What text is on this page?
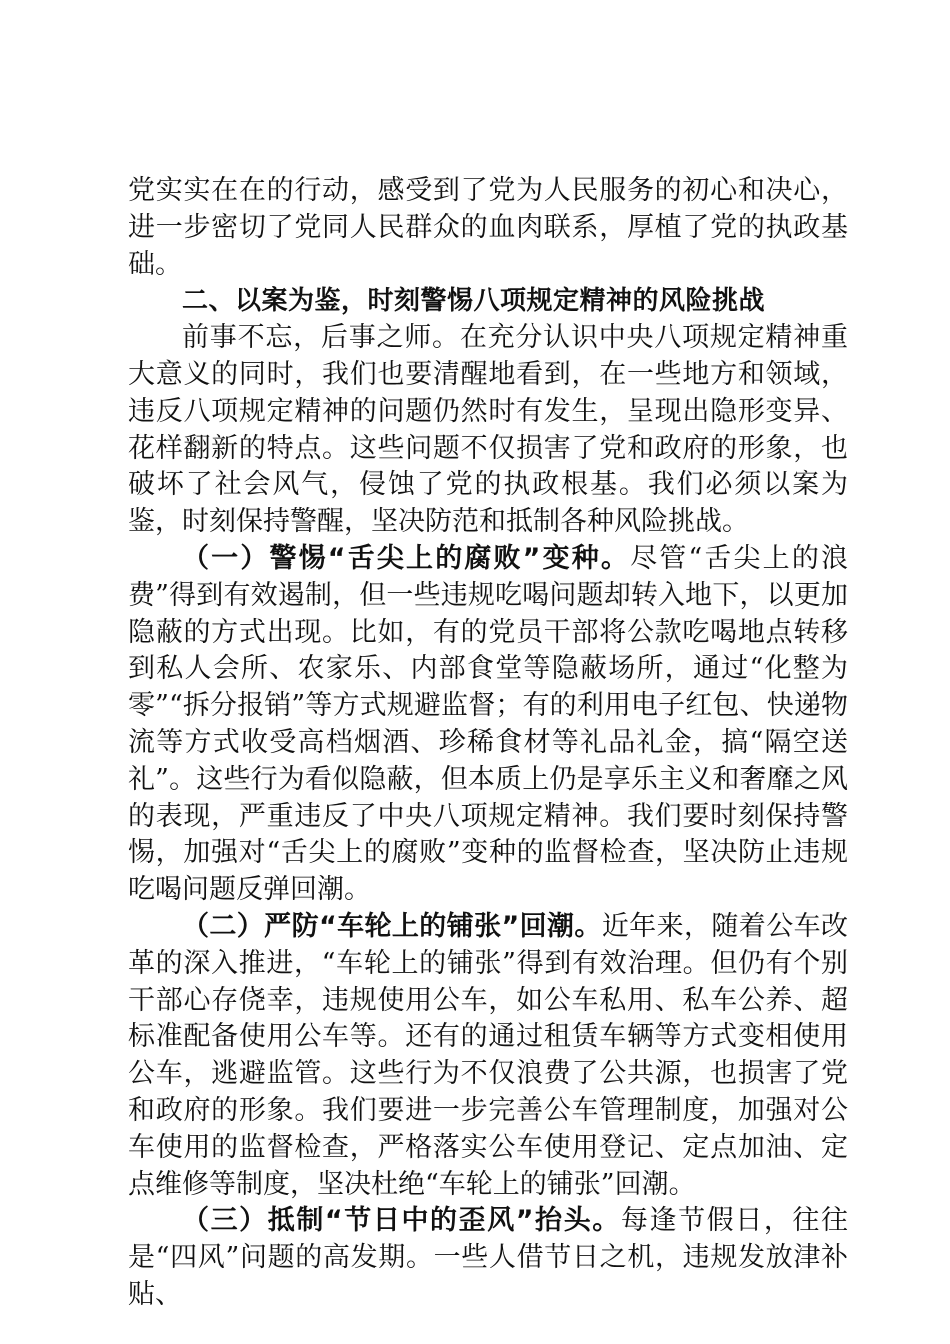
党实实在在的行动，感受到了党为人民服务的初心和决心，进一步密切了党同人民群众的血肉联系，厚植了党的执政基础。

二、以案为鉴，时刻警惕八项规定精神的风险挑战

前事不忘，后事之师。在充分认识中央八项规定精神重大意义的同时，我们也要清醒地看到，在一些地方和领域，违反八项规定精神的问题仍然时有发生，呈现出隐形变异、花样翻新的特点。这些问题不仅损害了党和政府的形象，也破坏了社会风气，侵蚀了党的执政根基。我们必须以案为鉴，时刻保持警醒，坚决防范和抵制各种风险挑战。

（一）警惕“舌尖上的腐败”变种。尽管“舌尖上的浪费”得到有效遏制，但一些违规吃喝问题却转入地下，以更加隐蔽的方式出现。比如，有的党员干部将公款吃喝地点转移到私人会所、农家乐、内部食堂等隐蔽场所，通过“化整为零”“拆分报销”等方式规避监督；有的利用电子红包、快递物流等方式收受高档烟酒、珍稀食材等礼品礼金，搞“隔空送礼”。这些行为看似隐蔽，但本质上仍是享乐主义和奢靡之风的表现，严重违反了中央八项规定精神。我们要时刻保持警惕，加强对“舌尖上的腐败”变种的监督检查，坚决防止违规吃喝问题反弹回潮。

（二）严防“车轮上的铺张”回潮。近年来，随着公车改革的深入推进，“车轮上的铺张”得到有效治理。但仍有个别干部心存侥幸，违规使用公车，如公车私用、私车公养、超标准配备使用公车等。还有的通过租赁车辆等方式变相使用公车，逃避监管。这些行为不仅浪费了公共源，也损害了党和政府的形象。我们要进一步完善公车管理制度，加强对公车使用的监督检查，严格落实公车使用登记、定点加油、定点维修等制度，坚决杜绝“车轮上的铺张”回潮。

（三）抵制“节日中的歪风”抬头。每逢节假日，往往是“四风”问题的高发期。一些人借节日之机，违规发放津补贴、
